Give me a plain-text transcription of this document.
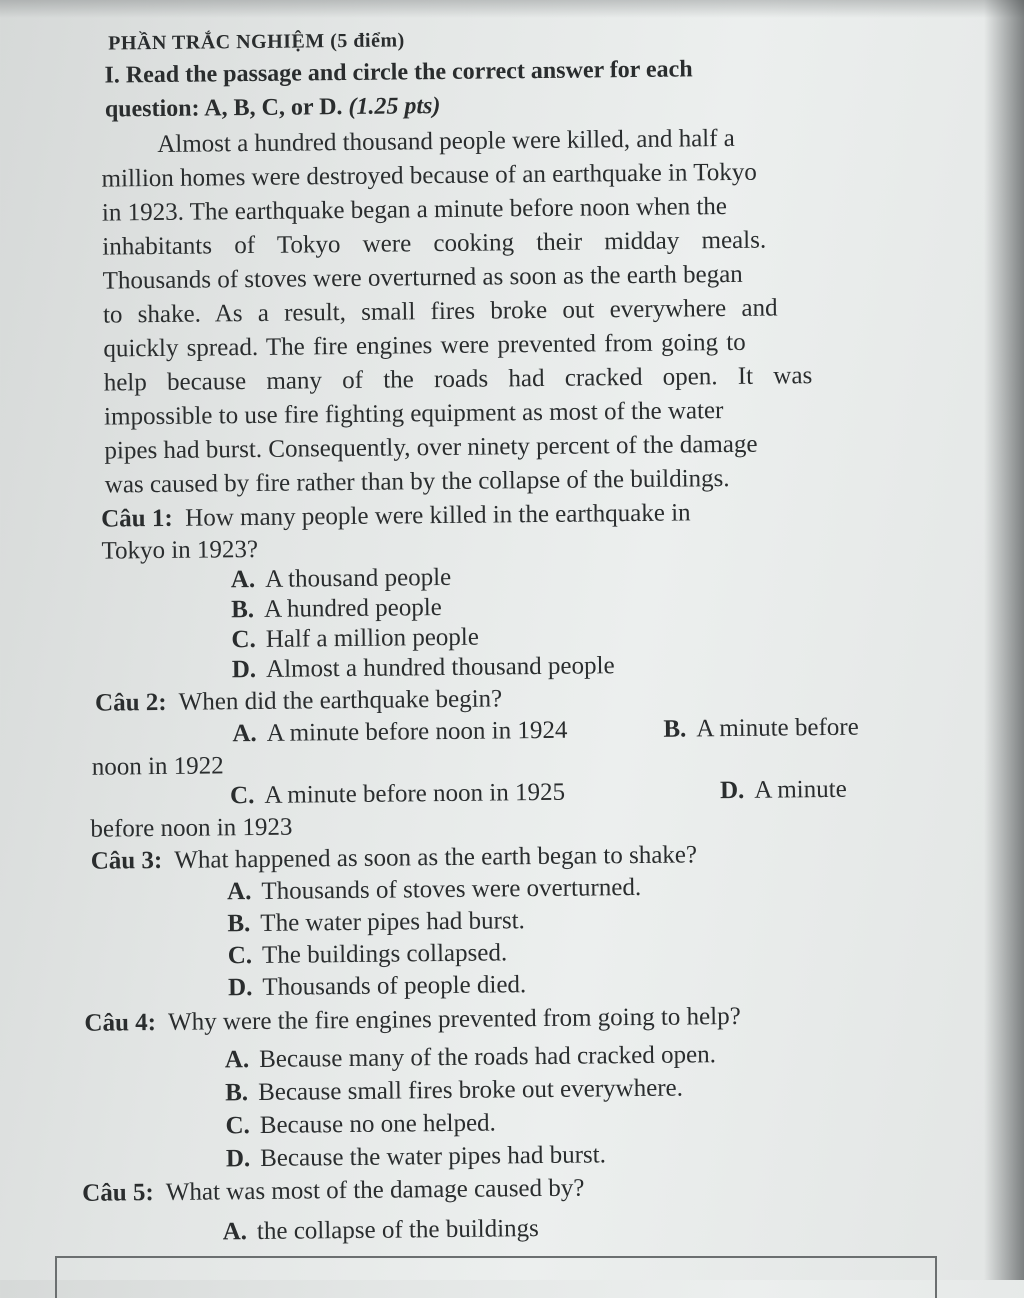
PHẦN TRẮC NGHIỆM (5 điểm)
I. Read the passage and circle the correct answer for each
question: A, B, C, or D. (1.25 pts)
Almost a hundred thousand people were killed, and half a
million homes were destroyed because of an earthquake in Tokyo
in 1923. The earthquake began a minute before noon when the
inhabitants of Tokyo were cooking their midday meals.
Thousands of stoves were overturned as soon as the earth began
to shake. As a result, small fires broke out everywhere and
quickly spread. The fire engines were prevented from going to
help because many of the roads had cracked open. It was
impossible to use fire fighting equipment as most of the water
pipes had burst. Consequently, over ninety percent of the damage
was caused by fire rather than by the collapse of the buildings.
Câu 1: How many people were killed in the earthquake in
Tokyo in 1923?
A. A thousand people
B. A hundred people
C. Half a million people
D. Almost a hundred thousand people
Câu 2: When did the earthquake begin?
A. A minute before noon in 1924	B. A minute before
noon in 1922
C. A minute before noon in 1925	D. A minute
before noon in 1923
Câu 3: What happened as soon as the earth began to shake?
A. Thousands of stoves were overturned.
B. The water pipes had burst.
C. The buildings collapsed.
D. Thousands of people died.
Câu 4: Why were the fire engines prevented from going to help?
A. Because many of the roads had cracked open.
B. Because small fires broke out everywhere.
C. Because no one helped.
D. Because the water pipes had burst.
Câu 5: What was most of the damage caused by?
A. the collapse of the buildings
